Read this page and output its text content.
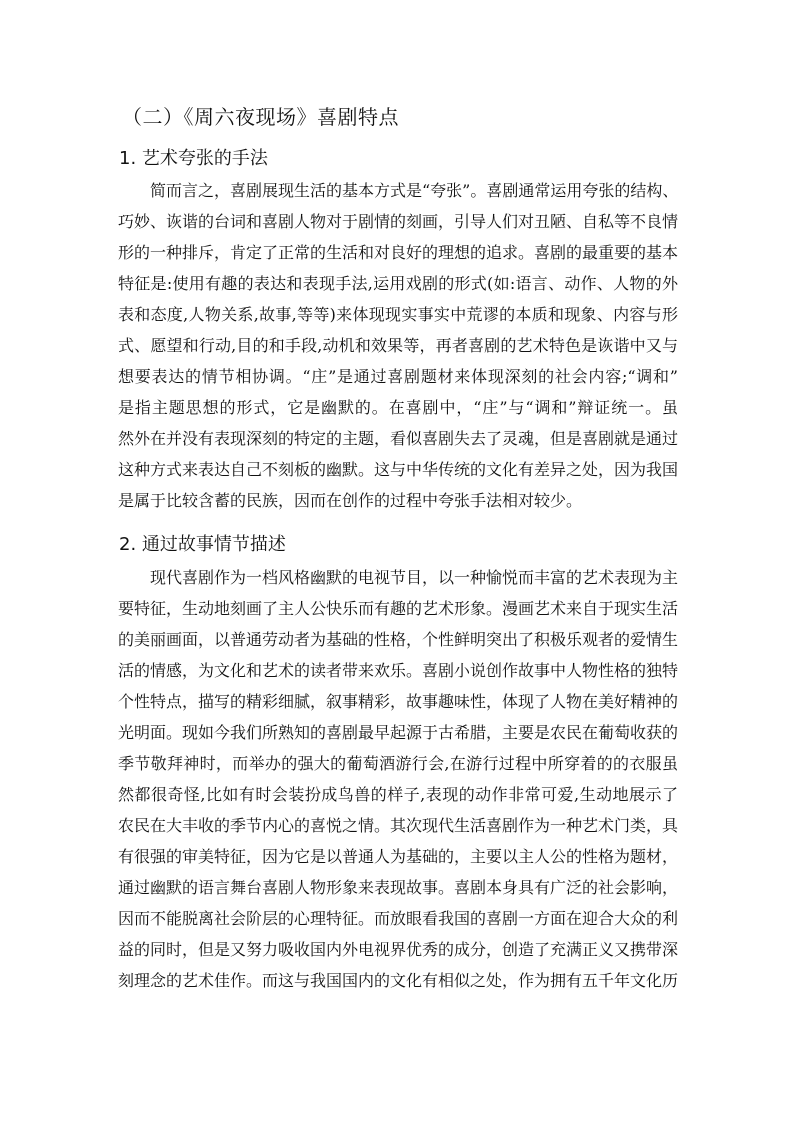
（二）《周六夜现场》喜剧特点
1. 艺术夸张的手法
简而言之，喜剧展现生活的基本方式是“夸张”。喜剧通常运用夸张的结构、
巧妙、诙谐的台词和喜剧人物对于剧情的刻画，引导人们对丑陋、自私等不良情
形的一种排斥，肯定了正常的生活和对良好的理想的追求。喜剧的最重要的基本
特征是:使用有趣的表达和表现手法,运用戏剧的形式(如:语言、动作、人物的外
表和态度,人物关系,故事,等等)来体现现实事实中荒谬的本质和现象、内容与形
式、愿望和行动,目的和手段,动机和效果等，再者喜剧的艺术特色是诙谐中又与
想要表达的情节相协调。“庄”是通过喜剧题材来体现深刻的社会内容;“调和”
是指主题思想的形式，它是幽默的。在喜剧中，“庄”与“调和”辩证统一。虽
然外在并没有表现深刻的特定的主题，看似喜剧失去了灵魂，但是喜剧就是通过
这种方式来表达自己不刻板的幽默。这与中华传统的文化有差异之处，因为我国
是属于比较含蓄的民族，因而在创作的过程中夸张手法相对较少。
2. 通过故事情节描述
现代喜剧作为一档风格幽默的电视节目，以一种愉悦而丰富的艺术表现为主
要特征，生动地刻画了主人公快乐而有趣的艺术形象。漫画艺术来自于现实生活
的美丽画面，以普通劳动者为基础的性格，个性鲜明突出了积极乐观者的爱情生
活的情感，为文化和艺术的读者带来欢乐。喜剧小说创作故事中人物性格的独特
个性特点，描写的精彩细腻，叙事精彩，故事趣味性，体现了人物在美好精神的
光明面。现如今我们所熟知的喜剧最早起源于古希腊，主要是农民在葡萄收获的
季节敬拜神时，而举办的强大的葡萄酒游行会,在游行过程中所穿着的的衣服虽
然都很奇怪,比如有时会装扮成鸟兽的样子,表现的动作非常可爱,生动地展示了
农民在大丰收的季节内心的喜悦之情。其次现代生活喜剧作为一种艺术门类，具
有很强的审美特征，因为它是以普通人为基础的，主要以主人公的性格为题材，
通过幽默的语言舞台喜剧人物形象来表现故事。喜剧本身具有广泛的社会影响，
因而不能脱离社会阶层的心理特征。而放眼看我国的喜剧一方面在迎合大众的利
益的同时，但是又努力吸收国内外电视界优秀的成分，创造了充满正义又携带深
刻理念的艺术佳作。而这与我国国内的文化有相似之处，作为拥有五千年文化历
